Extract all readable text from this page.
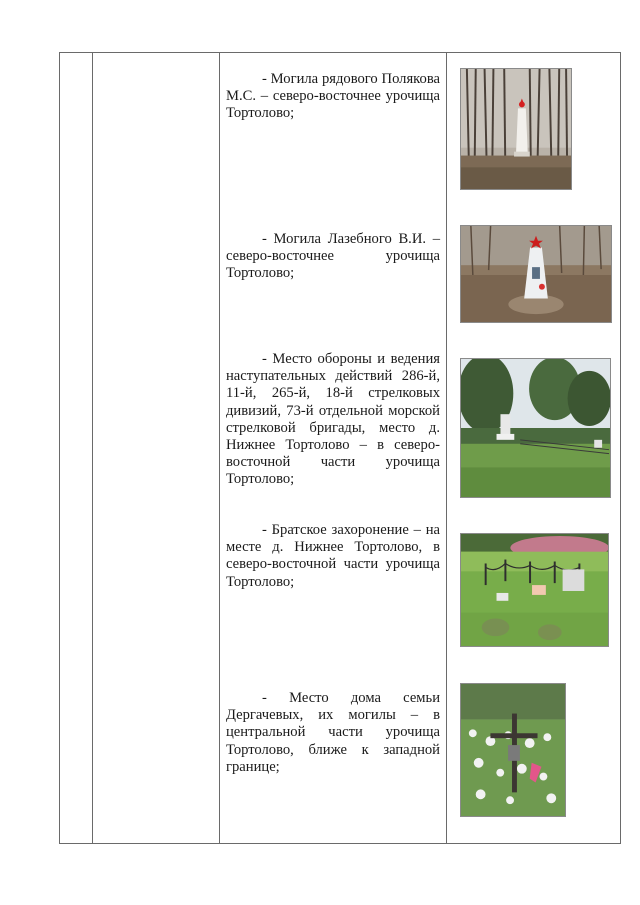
- Могила рядового Полякова М.С. – северо-восточнее урочища Тортолово;
- Могила Лазебного В.И. – северо-восточнее урочища Тортолово;
- Место обороны и ведения наступательных действий 286-й, 11-й, 265-й, 18-й стрелковых дивизий, 73-й отдельной морской стрелковой бригады, место д. Нижнее Тортолово – в северо-восточной части урочища Тортолово;
- Братское захоронение – на месте д. Нижнее Тортолово, в северо-восточной части урочища Тортолово;
- Место дома семьи Дергачевых, их могилы – в центральной части урочища Тортолово, ближе к западной границе;
